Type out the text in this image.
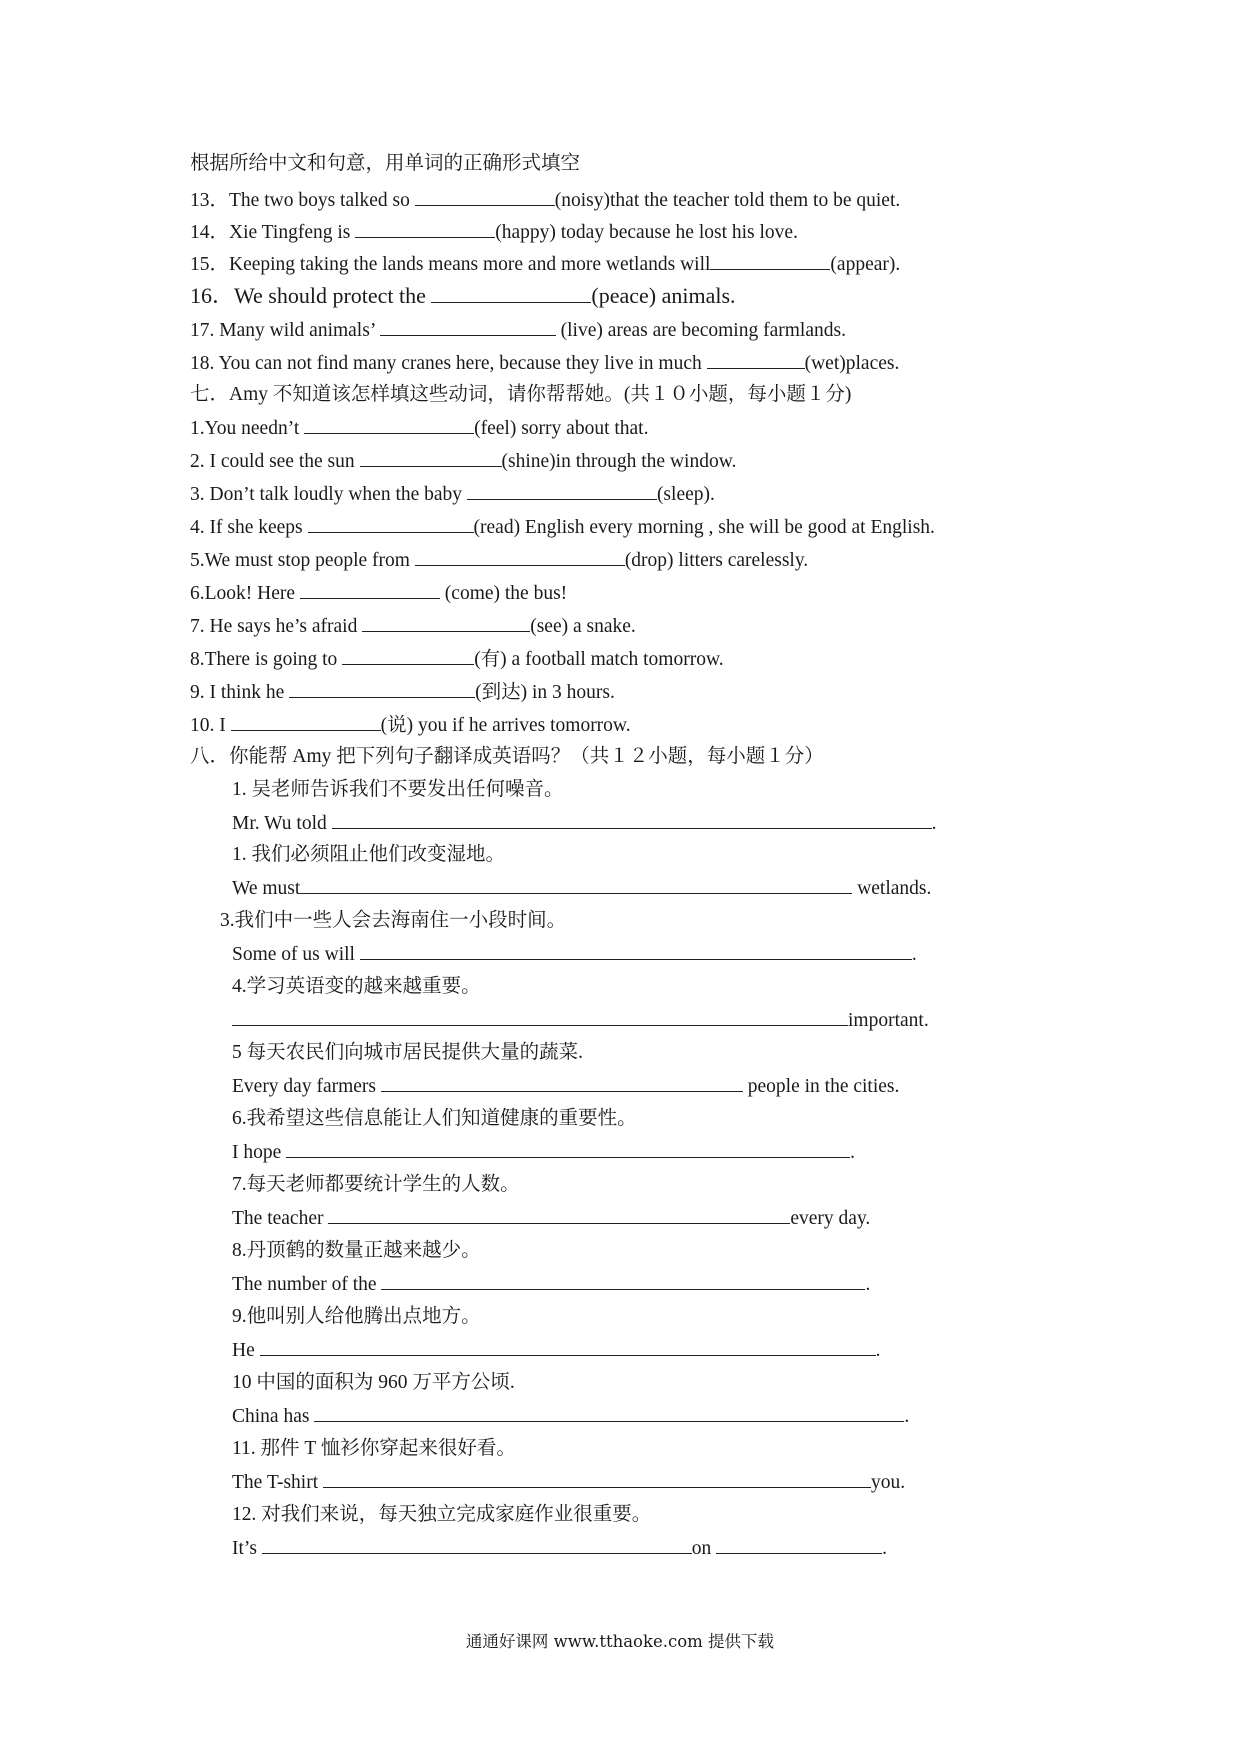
根据所给中文和句意，用单词的正确形式填空
13．The two boys talked so	(noisy)that the teacher told them to be quiet.
14．Xie Tingfeng is	(happy) today because he lost his love.
15．Keeping taking the lands means more and more wetlands will	(appear).
16．We should protect the	(peace) animals.
17. Many wild animals’	(live) areas are becoming farmlands.
18. You can not find many cranes here, because they live in much	(wet)places.
七．Amy 不知道该怎样填这些动词，请你帮帮她。(共１０小题，每小题１分)
1.You needn’t	(feel) sorry about that.
2. I could see the sun	(shine)in through the window.
3. Don’t talk loudly when the baby	(sleep).
4. If she keeps	(read) English every morning , she will be good at English.
5.We must stop people from	(drop) litters carelessly.
6.Look! Here	(come) the bus!
7. He says he’s afraid	(see) a snake.
8.There is going to	(有) a football match tomorrow.
9. I think he	(到达) in 3 hours.
10. I	(说) you if he arrives tomorrow.
八．你能帮 Amy 把下列句子翻译成英语吗？（共１２小题，每小题１分）
1. 吴老师告诉我们不要发出任何噪音。
Mr. Wu told	.
1. 我们必须阻止他们改变湿地。
We must	wetlands.
3.我们中一些人会去海南住一小段时间。
Some of us will	.
4.学习英语变的越来越重要。
important.
5 每天农民们向城市居民提供大量的蔬菜.
Every day farmers	people in the cities.
6.我希望这些信息能让人们知道健康的重要性。
I hope	.
7.每天老师都要统计学生的人数。
The teacher	every day.
8.丹顶鹤的数量正越来越少。
The number of the	.
9.他叫别人给他腾出点地方。
He	.
10 中国的面积为 960 万平方公顷.
China has	.
11. 那件 T 恤衫你穿起来很好看。
The T-shirt	you.
12. 对我们来说，每天独立完成家庭作业很重要。
It’s	on	.
通通好课网 www.tthaoke.com 提供下载
